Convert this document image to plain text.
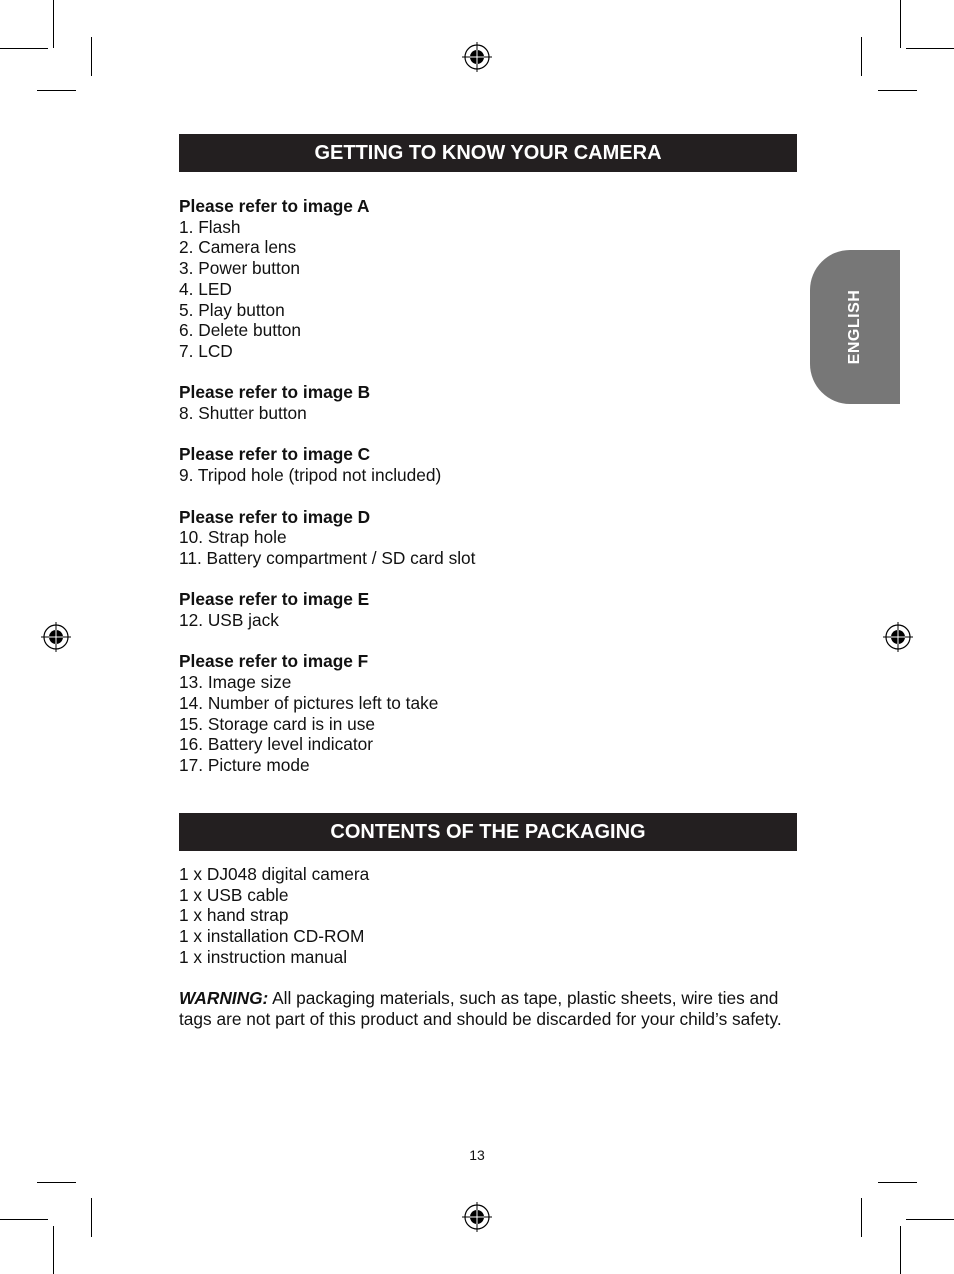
GETTING TO KNOW YOUR CAMERA
Please refer to image A
1. Flash
2. Camera lens
3. Power button
4. LED
5. Play button
6. Delete button
7. LCD
Please refer to image B
8. Shutter button
Please refer to image C
9. Tripod hole (tripod not included)
Please refer to image D
10. Strap hole
11. Battery compartment / SD card slot
Please refer to image E
12. USB jack
Please refer to image F
13. Image size
14. Number of pictures left to take
15. Storage card is in use
16. Battery level indicator
17. Picture mode
CONTENTS OF THE PACKAGING
1 x DJ048 digital camera
1 x USB cable
1 x hand strap
1 x installation CD-ROM
1 x instruction manual
WARNING: All packaging materials, such as tape, plastic sheets, wire ties and tags are not part of this product and should be discarded for your child’s safety.
ENGLISH
13
